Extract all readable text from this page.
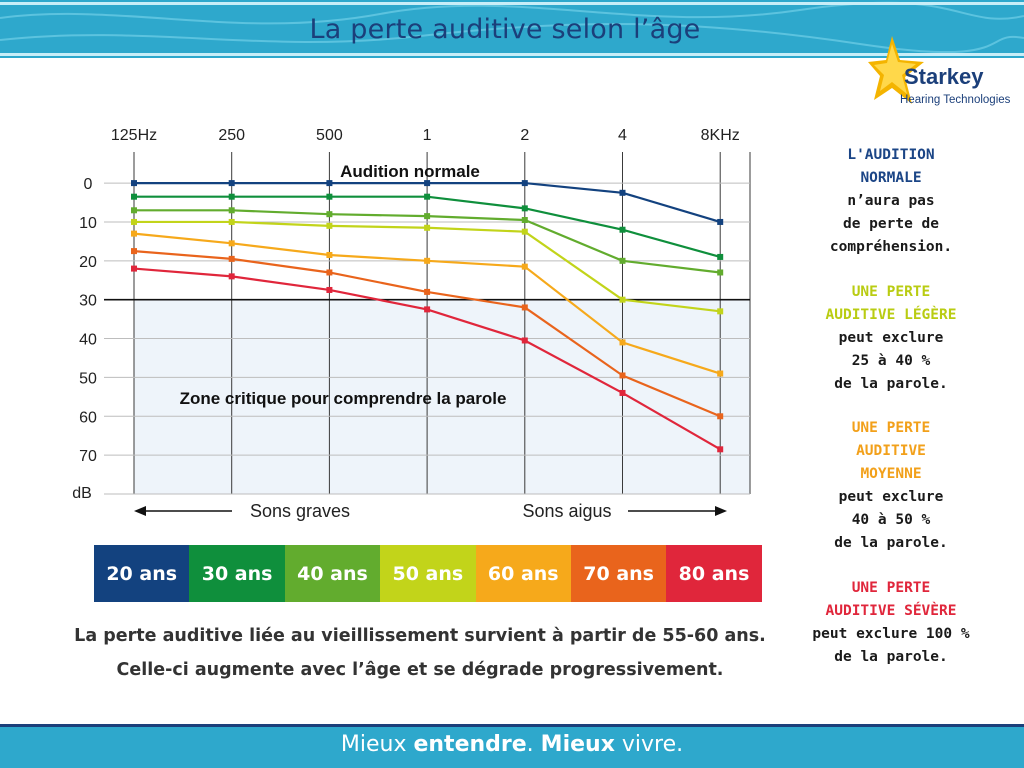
La perte auditive selon l’âge
Starkey
Hearing Technologies
125Hz	250	500	1	2	4	8KHz
0
10
20
30
40
50
60
70
dB
Audition normale
Zone critique pour comprendre la parole
Sons graves	Sons aigus
20 ans	30 ans	40 ans	50 ans	60 ans	70 ans	80 ans
La perte auditive liée au vieillissement survient à partir de 55-60 ans.
Celle-ci augmente avec l’âge et se dégrade progressivement.
L'AUDITION
NORMALE
n’aura pas
de perte de
compréhension.
UNE PERTE
AUDITIVE LÉGÈRE
peut exclure
25 à 40 %
de la parole.
UNE PERTE
AUDITIVE
MOYENNE
peut exclure
40 à 50 %
de la parole.
UNE PERTE
AUDITIVE SÉVÈRE
peut exclure 100 %
de la parole.
Mieux entendre. Mieux vivre.
